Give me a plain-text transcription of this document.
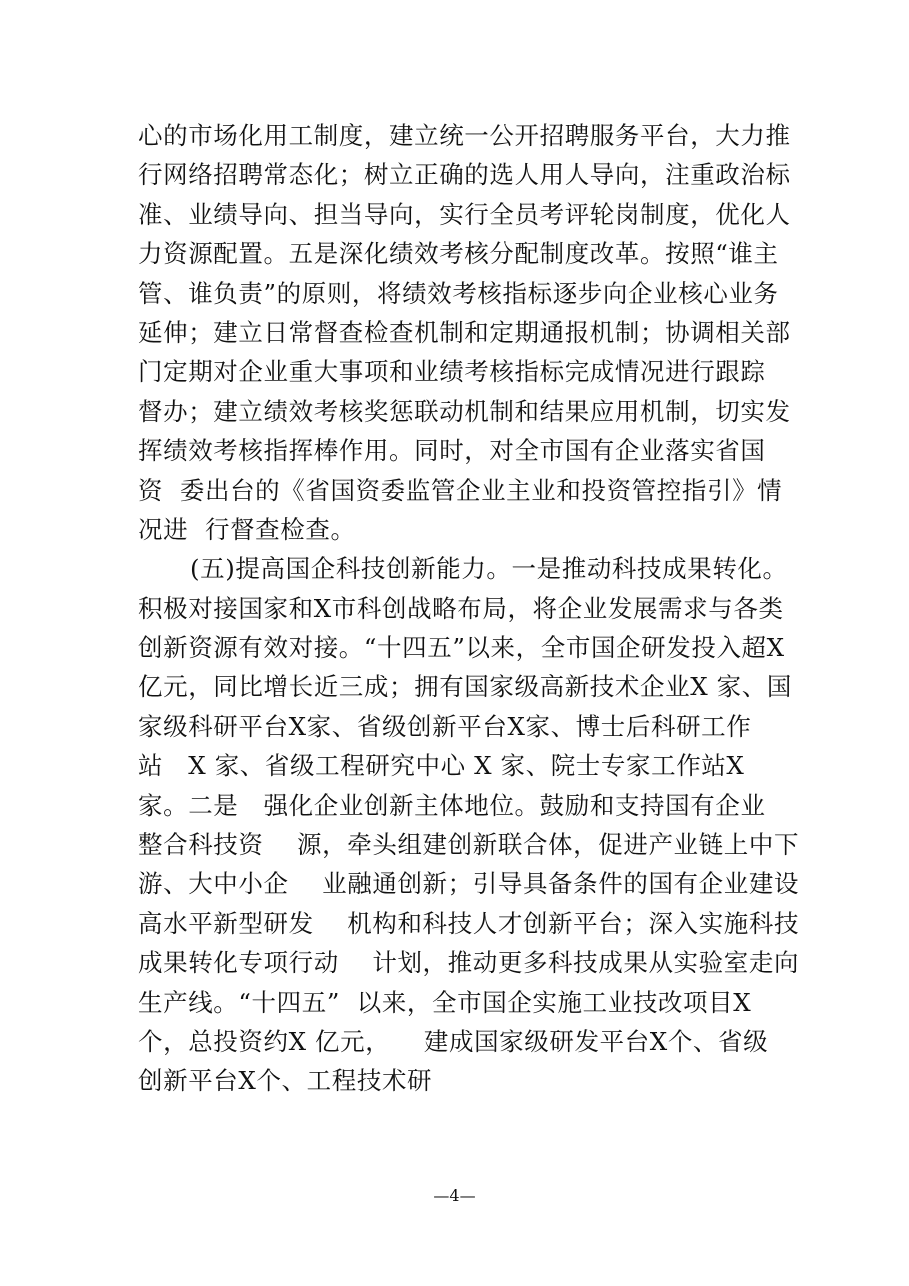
心的市场化用工制度，建立统一公开招聘服务平台，大力推
行网络招聘常态化；树立正确的选人用人导向，注重政治标
准、业绩导向、担当导向，实行全员考评轮岗制度，优化人
力资源配置。五是深化绩效考核分配制度改革。按照“谁主
管、谁负责”的原则，将绩效考核指标逐步向企业核心业务
延伸；建立日常督查检查机制和定期通报机制；协调相关部
门定期对企业重大事项和业绩考核指标完成情况进行跟踪
督办；建立绩效考核奖惩联动机制和结果应用机制，切实发
挥绩效考核指挥棒作用。同时，对全市国有企业落实省国
资  委出台的《省国资委监管企业主业和投资管控指引》情
况进  行督查检查。
(五)提高国企科技创新能力。一是推动科技成果转化。
积极对接国家和X市科创战略布局，将企业发展需求与各类
创新资源有效对接。“十四五”以来，全市国企研发投入超X
亿元，同比增长近三成；拥有国家级高新技术企业X 家、国
家级科研平台X家、省级创新平台X家、博士后科研工作
站   X 家、省级工程研究中心 X 家、院士专家工作站X
家。二是   强化企业创新主体地位。鼓励和支持国有企业
整合科技资    源，牵头组建创新联合体，促进产业链上中下
游、大中小企    业融通创新；引导具备条件的国有企业建设
高水平新型研发    机构和科技人才创新平台；深入实施科技
成果转化专项行动    计划，推动更多科技成果从实验室走向
生产线。“十四五”  以来，全市国企实施工业技改项目X
个，总投资约X 亿元，    建成国家级研发平台X个、省级
创新平台X个、工程技术研
—4—
